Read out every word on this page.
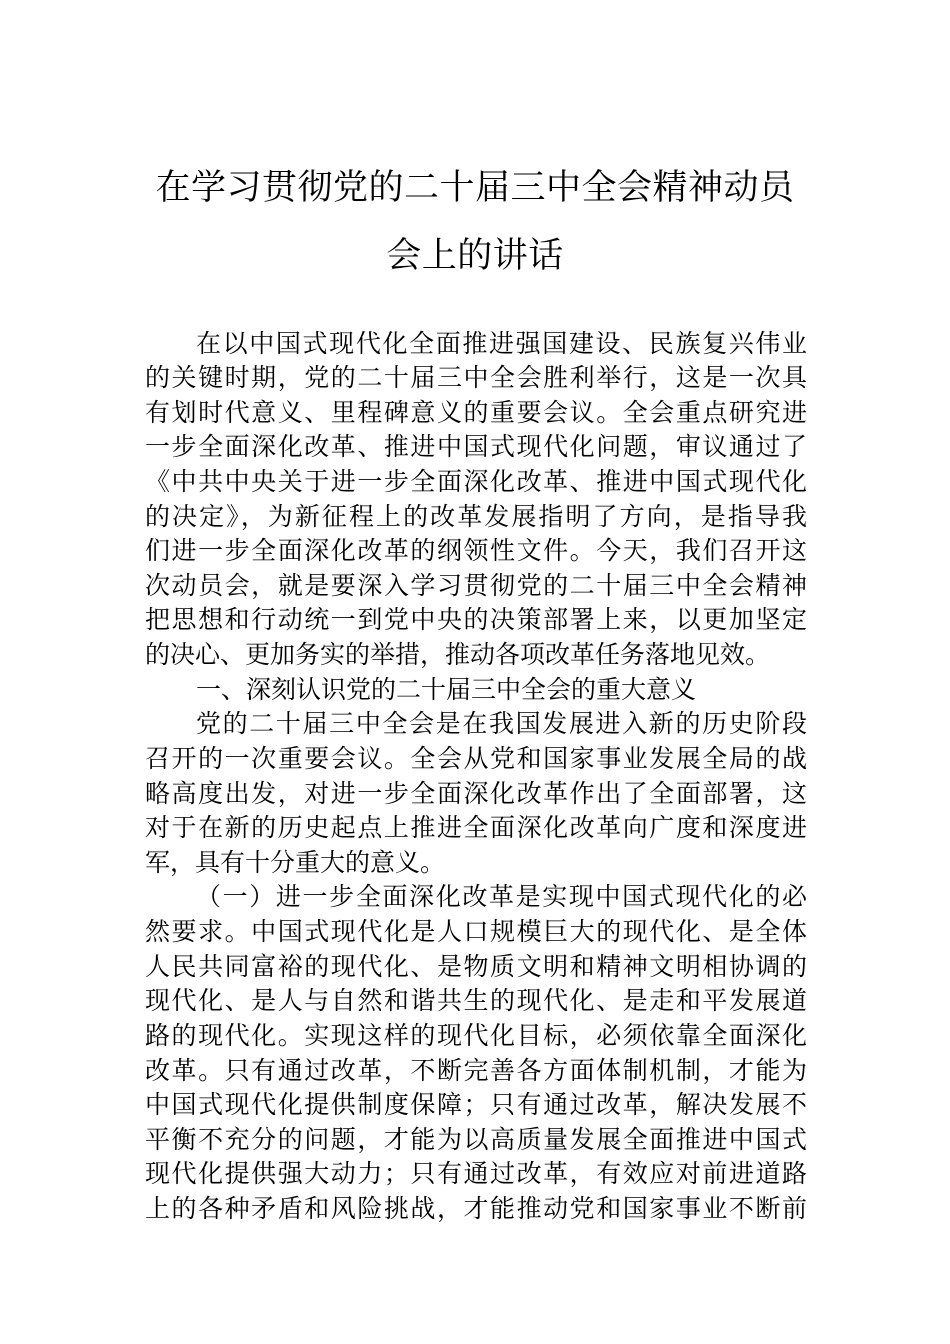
在学习贯彻党的二十届三中全会精神动员
会上的讲话
在以中国式现代化全面推进强国建设、民族复兴伟业
的关键时期，党的二十届三中全会胜利举行，这是一次具
有划时代意义、里程碑意义的重要会议。全会重点研究进
一步全面深化改革、推进中国式现代化问题，审议通过了
《中共中央关于进一步全面深化改革、推进中国式现代化
的决定》，为新征程上的改革发展指明了方向，是指导我
们进一步全面深化改革的纲领性文件。今天，我们召开这
次动员会，就是要深入学习贯彻党的二十届三中全会精神
把思想和行动统一到党中央的决策部署上来，以更加坚定
的决心、更加务实的举措，推动各项改革任务落地见效。
一、深刻认识党的二十届三中全会的重大意义
党的二十届三中全会是在我国发展进入新的历史阶段
召开的一次重要会议。全会从党和国家事业发展全局的战
略高度出发，对进一步全面深化改革作出了全面部署，这
对于在新的历史起点上推进全面深化改革向广度和深度进
军，具有十分重大的意义。
（一）进一步全面深化改革是实现中国式现代化的必
然要求。中国式现代化是人口规模巨大的现代化、是全体
人民共同富裕的现代化、是物质文明和精神文明相协调的
现代化、是人与自然和谐共生的现代化、是走和平发展道
路的现代化。实现这样的现代化目标，必须依靠全面深化
改革。只有通过改革，不断完善各方面体制机制，才能为
中国式现代化提供制度保障；只有通过改革，解决发展不
平衡不充分的问题，才能为以高质量发展全面推进中国式
现代化提供强大动力；只有通过改革，有效应对前进道路
上的各种矛盾和风险挑战，才能推动党和国家事业不断前
